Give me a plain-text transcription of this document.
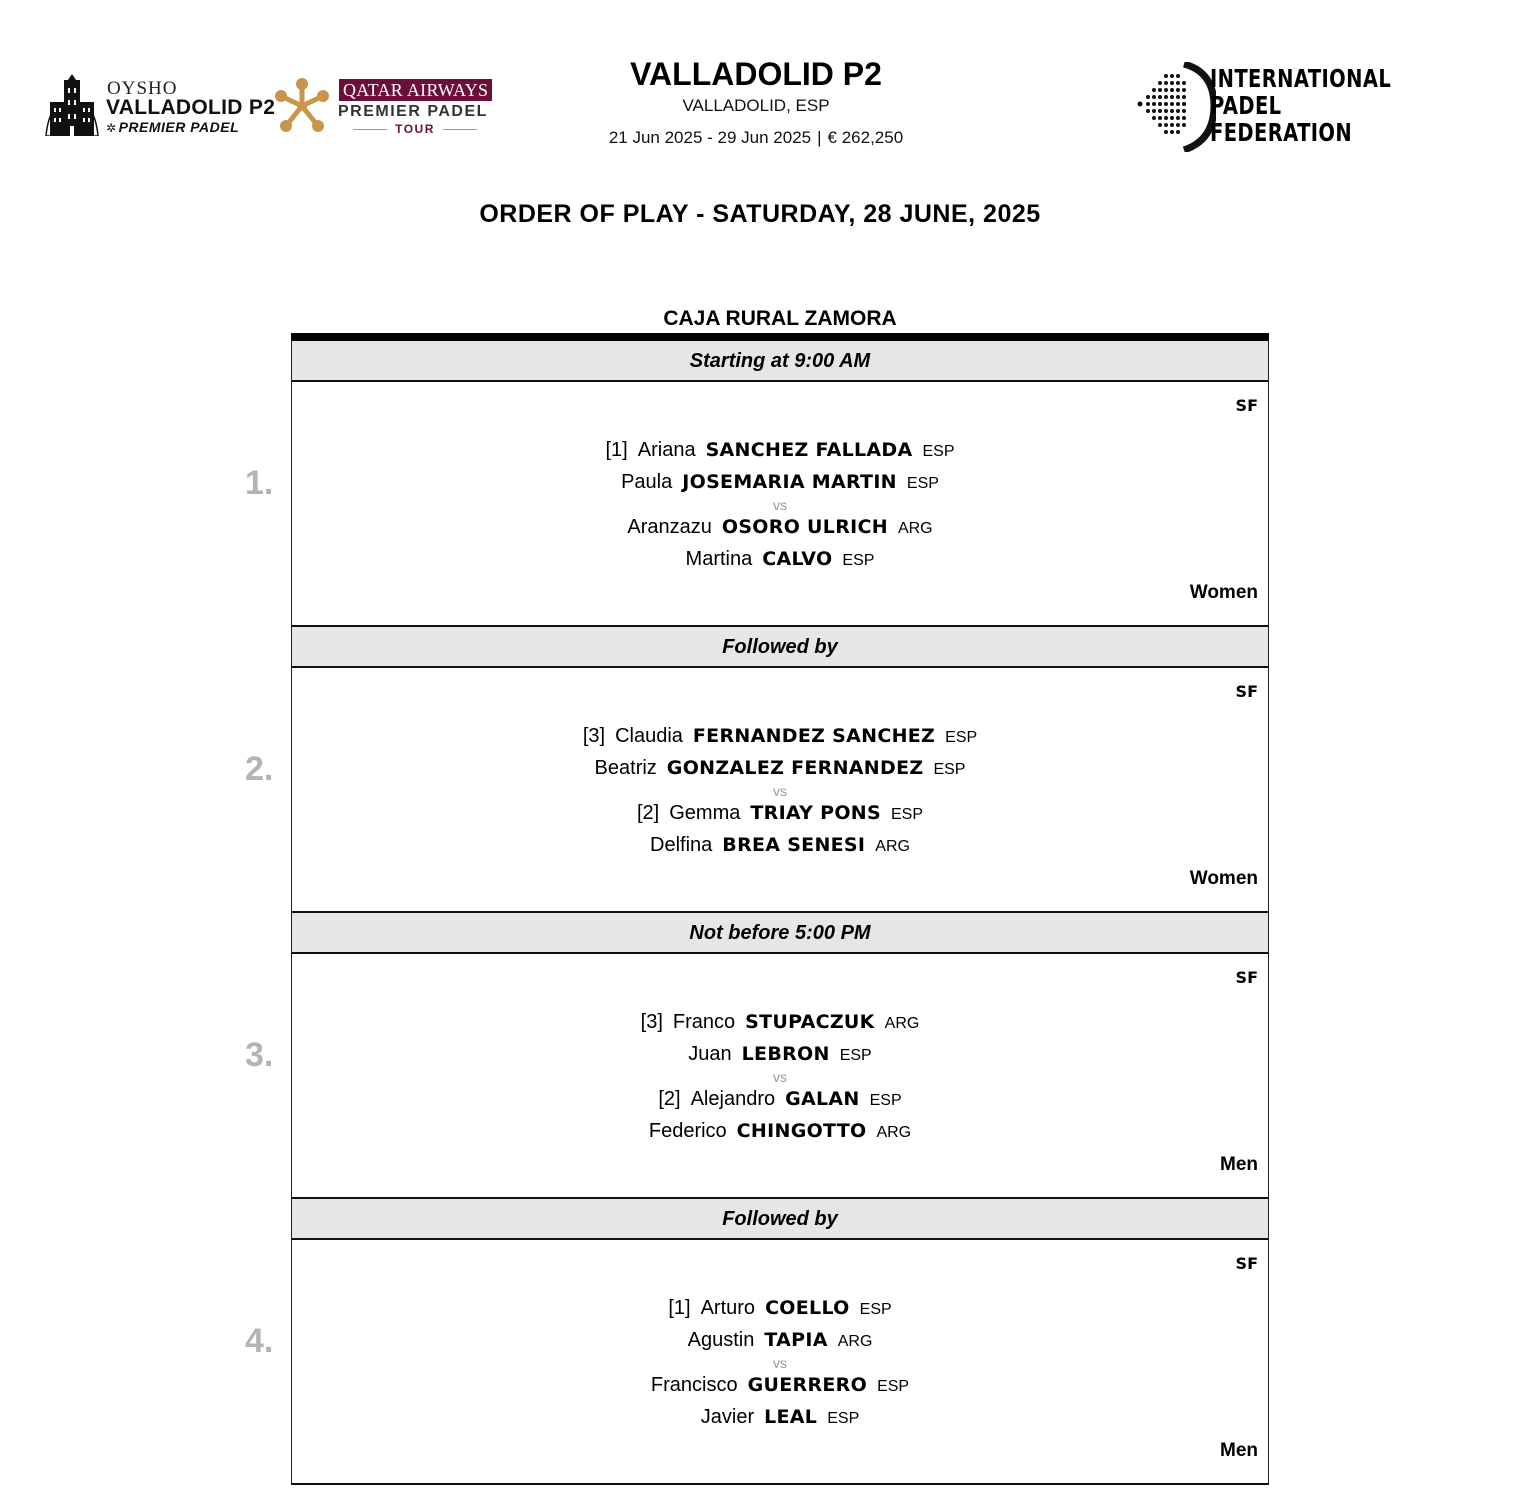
OYSHO
VALLADOLID P2
✲ PREMIER PADEL
QATAR AIRWAYS
PREMIER PADEL
TOUR
VALLADOLID P2
VALLADOLID, ESP
21 Jun 2025 - 29 Jun 2025 | € 262,250
INTERNATIONAL
PADEL
FEDERATION
ORDER OF PLAY - SATURDAY, 28 JUNE, 2025
CAJA RURAL ZAMORA
Starting at 9:00 AM
1.
SF
[1] Ariana SANCHEZ FALLADA ESP
Paula JOSEMARIA MARTIN ESP
vs
Aranzazu OSORO ULRICH ARG
Martina CALVO ESP
Women
Followed by
2.
SF
[3] Claudia FERNANDEZ SANCHEZ ESP
Beatriz GONZALEZ FERNANDEZ ESP
vs
[2] Gemma TRIAY PONS ESP
Delfina BREA SENESI ARG
Women
Not before 5:00 PM
3.
SF
[3] Franco STUPACZUK ARG
Juan LEBRON ESP
vs
[2] Alejandro GALAN ESP
Federico CHINGOTTO ARG
Men
Followed by
4.
SF
[1] Arturo COELLO ESP
Agustin TAPIA ARG
vs
Francisco GUERRERO ESP
Javier LEAL ESP
Men
